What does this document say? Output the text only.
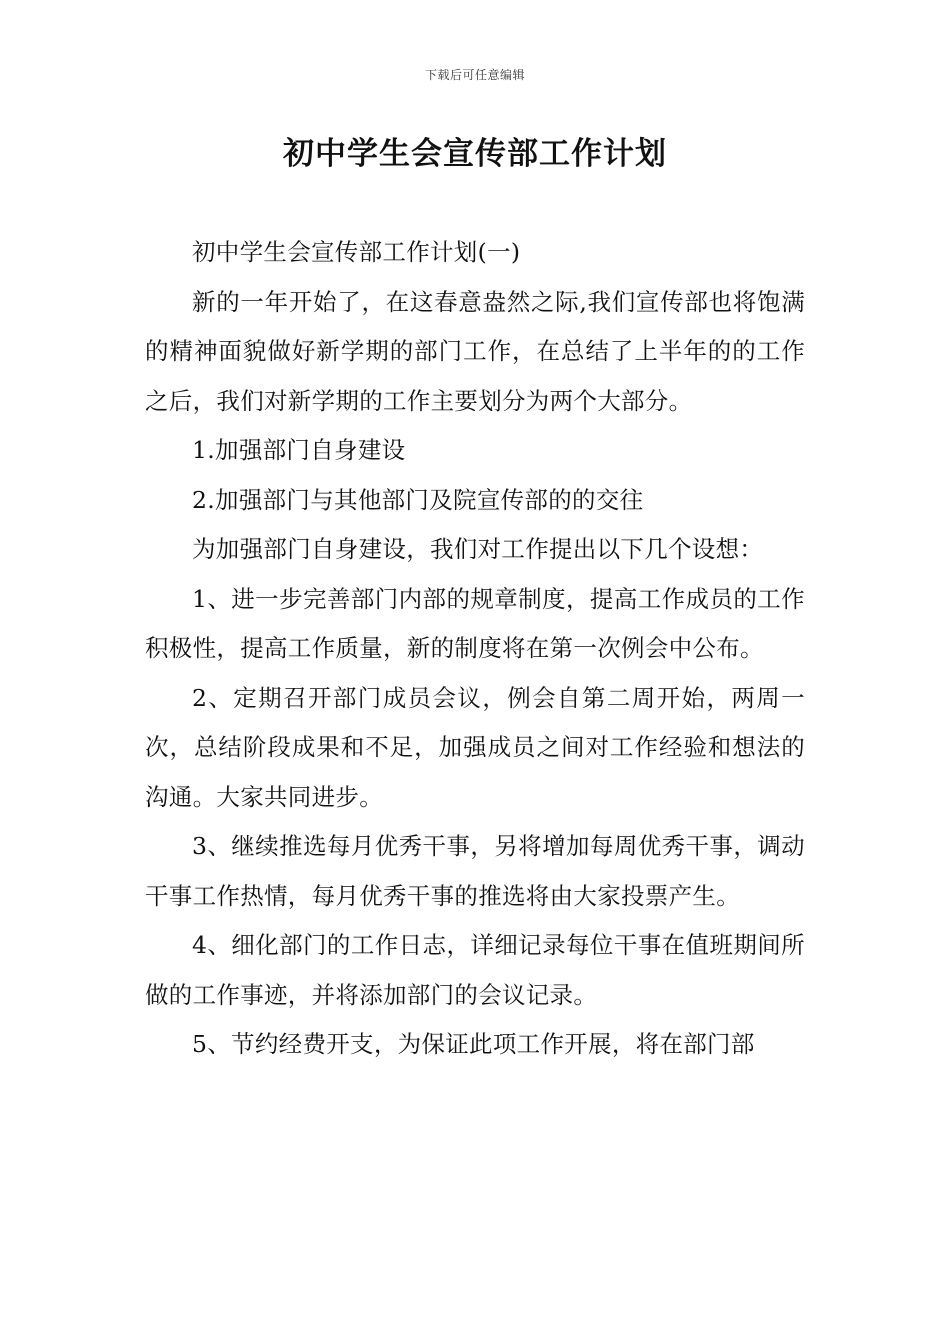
下载后可任意编辑
初中学生会宣传部工作计划

初中学生会宣传部工作计划(一)

新的一年开始了，在这春意盎然之际,我们宣传部也将饱满的精神面貌做好新学期的部门工作，在总结了上半年的的工作之后，我们对新学期的工作主要划分为两个大部分。

1.加强部门自身建设

2.加强部门与其他部门及院宣传部的的交往

为加强部门自身建设，我们对工作提出以下几个设想：

1、进一步完善部门内部的规章制度，提高工作成员的工作积极性，提高工作质量，新的制度将在第一次例会中公布。

2、定期召开部门成员会议，例会自第二周开始，两周一次，总结阶段成果和不足，加强成员之间对工作经验和想法的沟通。大家共同进步。

3、继续推选每月优秀干事，另将增加每周优秀干事，调动干事工作热情，每月优秀干事的推选将由大家投票产生。

4、细化部门的工作日志，详细记录每位干事在值班期间所做的工作事迹，并将添加部门的会议记录。

5、节约经费开支，为保证此项工作开展，将在部门部
